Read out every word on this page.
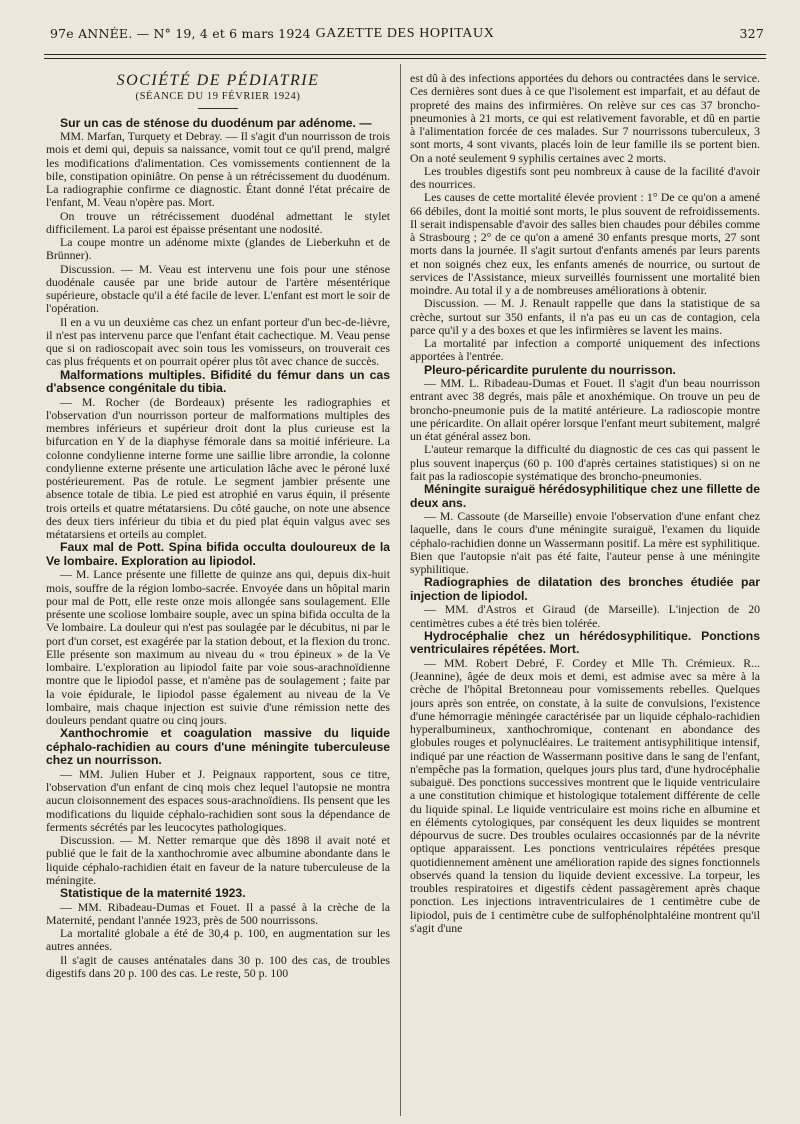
97e ANNÉE. — N° 19, 4 et 6 mars 1924 GAZETTE DES HOPITAUX	327
SOCIÉTÉ DE PÉDIATRIE
(SÉANCE DU 19 FÉVRIER 1924)

Sur un cas de sténose du duodénum par adénome. —

MM. Marfan, Turquety et Debray. — Il s'agit d'un nourrisson de trois mois et demi qui, depuis sa naissance, vomit tout ce qu'il prend, malgré les modifications d'alimentation. Ces vomissements contiennent de la bile, constipation opiniâtre. On pense à un rétrécissement du duodénum. La radiographie confirme ce diagnostic. Étant donné l'état précaire de l'enfant, M. Veau n'opère pas. Mort.

On trouve un rétrécissement duodénal admettant le stylet difficilement. La paroi est épaisse présentant une nodosité.

La coupe montre un adénome mixte (glandes de Lieberkuhn et de Brünner).

Discussion. — M. Veau est intervenu une fois pour une sténose duodénale causée par une bride autour de l'artère mésentérique supérieure, obstacle qu'il a été facile de lever. L'enfant est mort le soir de l'opération.

Il en a vu un deuxième cas chez un enfant porteur d'un bec-de-lièvre, il n'est pas intervenu parce que l'enfant était cachectique. M. Veau pense que si on radioscopait avec soin tous les vomisseurs, on trouverait ces cas plus fréquents et on pourrait opérer plus tôt avec chance de succès.

Malformations multiples. Bifidité du fémur dans un cas d'absence congénitale du tibia.

— M. Rocher (de Bordeaux) présente les radiographies et l'observation d'un nourrisson porteur de malformations multiples des membres inférieurs et supérieur droit dont la plus curieuse est la bifurcation en Y de la diaphyse fémorale dans sa moitié inférieure. La colonne condylienne interne forme une saillie libre arrondie, la colonne condylienne externe présente une articulation lâche avec le péroné luxé postérieurement. Pas de rotule. Le segment jambier présente une absence totale de tibia. Le pied est atrophié en varus équin, il présente trois orteils et quatre métatarsiens. Du côté gauche, on note une absence des deux tiers inférieur du tibia et du pied plat équin valgus avec ses métatarsiens et orteils au complet.

Faux mal de Pott. Spina bifida occulta douloureux de la Ve lombaire. Exploration au lipiodol.

— M. Lance présente une fillette de quinze ans qui, depuis dix-huit mois, souffre de la région lombo-sacrée. Envoyée dans un hôpital marin pour mal de Pott, elle reste onze mois allongée sans soulagement. Elle présente une scoliose lombaire souple, avec un spina bifida occulta de la Ve lombaire. La douleur qui n'est pas soulagée par le décubitus, ni par le port d'un corset, est exagérée par la station debout, et la flexion du tronc. Elle présente son maximum au niveau du « trou épineux » de la Ve lombaire. L'exploration au lipiodol faite par voie sous-arachnoïdienne montre que le lipiodol passe, et n'amène pas de soulagement ; faite par la voie épidurale, le lipiodol passe également au niveau de la Ve lombaire, mais chaque injection est suivie d'une rémission nette des douleurs pendant quatre ou cinq jours.

Xanthochromie et coagulation massive du liquide céphalo-rachidien au cours d'une méningite tuberculeuse chez un nourrisson.

— MM. Julien Huber et J. Peignaux rapportent, sous ce titre, l'observation d'un enfant de cinq mois chez lequel l'autopsie ne montra aucun cloisonnement des espaces sous-arachnoïdiens. Ils pensent que les modifications du liquide céphalo-rachidien sont sous la dépendance de ferments sécrétés par les leucocytes pathologiques.

Discussion. — M. Netter remarque que dès 1898 il avait noté et publié que le fait de la xanthochromie avec albumine abondante dans le liquide céphalo-rachidien était en faveur de la nature tuberculeuse de la méningite.

Statistique de la maternité 1923.

— MM. Ribadeau-Dumas et Fouet. Il a passé à la crèche de la Maternité, pendant l'année 1923, près de 500 nourrissons.

La mortalité globale a été de 30,4 p. 100, en augmentation sur les autres années.

Il s'agit de causes anténatales dans 30 p. 100 des cas, de troubles digestifs dans 20 p. 100 des cas. Le reste, 50 p. 100

est dû à des infections apportées du dehors ou contractées dans le service. Ces dernières sont dues à ce que l'isolement est imparfait, et au défaut de propreté des mains des infirmières. On relève sur ces cas 37 broncho-pneumonies à 21 morts, ce qui est relativement favorable, et dû en partie à l'alimentation forcée de ces malades. Sur 7 nourrissons tuberculeux, 3 sont morts, 4 sont vivants, placés loin de leur famille ils se portent bien. On a noté seulement 9 syphilis certaines avec 2 morts.

Les troubles digestifs sont peu nombreux à cause de la facilité d'avoir des nourrices.

Les causes de cette mortalité élevée provient : 1° De ce qu'on a amené 66 débiles, dont la moitié sont morts, le plus souvent de refroidissements. Il serait indispensable d'avoir des salles bien chaudes pour débiles comme à Strasbourg ; 2° de ce qu'on a amené 30 enfants presque morts, 27 sont morts dans la journée. Il s'agit surtout d'enfants amenés par leurs parents et non soignés chez eux, les enfants amenés de nourrice, ou surtout de services de l'Assistance, mieux surveillés fournissent une mortalité bien moindre. Au total il y a de nombreuses améliorations à obtenir.

Discussion. — M. J. Renault rappelle que dans la statistique de sa crèche, surtout sur 350 enfants, il n'a pas eu un cas de contagion, cela parce qu'il y a des boxes et que les infirmières se lavent les mains.

La mortalité par infection a comporté uniquement des infections apportées à l'entrée.

Pleuro-péricardite purulente du nourrisson.

— MM. L. Ribadeau-Dumas et Fouet. Il s'agit d'un beau nourrisson entrant avec 38 degrés, mais pâle et anoxhémique. On trouve un peu de broncho-pneumonie puis de la matité antérieure. La radioscopie montre une péricardite. On allait opérer lorsque l'enfant meurt subitement, malgré un état général assez bon.

L'auteur remarque la difficulté du diagnostic de ces cas qui passent le plus souvent inaperçus (60 p. 100 d'après certaines statistiques) si on ne fait pas la radioscopie systématique des broncho-pneumonies.

Méningite suraiguë hérédosyphilitique chez une fillette de deux ans.

— M. Cassoute (de Marseille) envoie l'observation d'une enfant chez laquelle, dans le cours d'une méningite suraiguë, l'examen du liquide céphalo-rachidien donne un Wassermann positif. La mère est syphilitique. Bien que l'autopsie n'ait pas été faite, l'auteur pense à une méningite syphilitique.

Radiographies de dilatation des bronches étudiée par injection de lipiodol.

— MM. d'Astros et Giraud (de Marseille). L'injection de 20 centimètres cubes a été très bien tolérée.

Hydrocéphalie chez un hérédosyphilitique. Ponctions ventriculaires répétées. Mort.

— MM. Robert Debré, F. Cordey et Mlle Th. Crémieux. R... (Jeannine), âgée de deux mois et demi, est admise avec sa mère à la crèche de l'hôpital Bretonneau pour vomissements rebelles. Quelques jours après son entrée, on constate, à la suite de convulsions, l'existence d'une hémorragie méningée caractérisée par un liquide céphalo-rachidien hyperalbumineux, xanthochromique, contenant en abondance des globules rouges et polynucléaires. Le traitement antisyphilitique intensif, indiqué par une réaction de Wassermann positive dans le sang de l'enfant, n'empêche pas la formation, quelques jours plus tard, d'une hydrocéphalie subaiguë. Des ponctions successives montrent que le liquide ventriculaire a une constitution chimique et histologique totalement différente de celle du liquide spinal. Le liquide ventriculaire est moins riche en albumine et en éléments cytologiques, par conséquent les deux liquides se montrent dépourvus de sucre. Des troubles oculaires occasionnés par de la névrite optique apparaissent. Les ponctions ventriculaires répétées presque quotidiennement amènent une amélioration rapide des signes fonctionnels observés quand la tension du liquide devient excessive. La torpeur, les troubles respiratoires et digestifs cèdent passagèrement après chaque ponction. Les injections intraventriculaires de 1 centimètre cube de lipiodol, puis de 1 centimètre cube de sulfophénolphtaléine montrent qu'il s'agit d'une
